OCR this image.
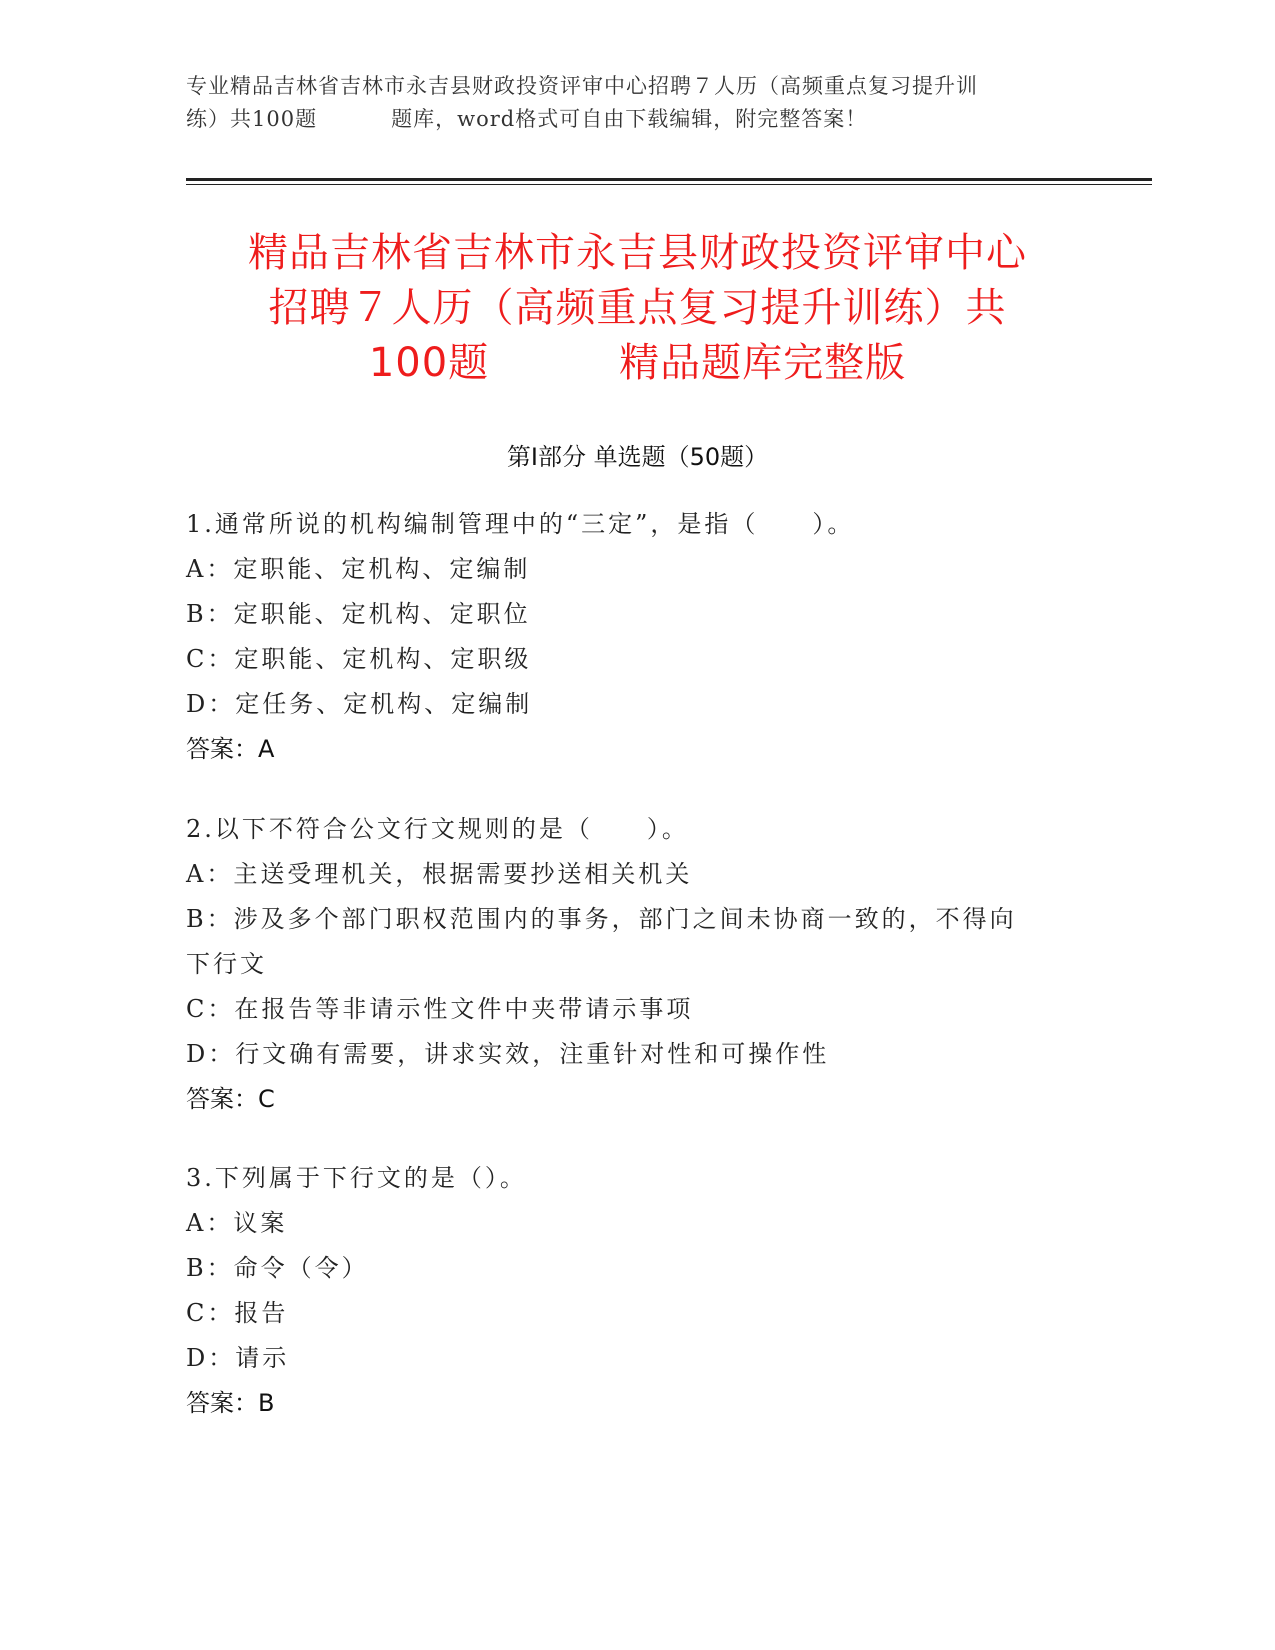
专业精品吉林省吉林市永吉县财政投资评审中心招聘７人历（高频重点复习提升训
练）共100题	题库，word格式可自由下载编辑，附完整答案！
精品吉林省吉林市永吉县财政投资评审中心
招聘７人历（高频重点复习提升训练）共
100题	精品题库完整版
第Ⅰ部分 单选题（50题）
1.通常所说的机构编制管理中的“三定”，是指（　　）。
A：定职能、定机构、定编制
B：定职能、定机构、定职位
C：定职能、定机构、定职级
D：定任务、定机构、定编制
答案：A
2.以下不符合公文行文规则的是（　　）。
A：主送受理机关，根据需要抄送相关机关
B：涉及多个部门职权范围内的事务，部门之间未协商一致的，不得向
下行文
C：在报告等非请示性文件中夹带请示事项
D：行文确有需要，讲求实效，注重针对性和可操作性
答案：C
3.下列属于下行文的是（）。
A：议案
B：命令（令）
C：报告
D：请示
答案：B
